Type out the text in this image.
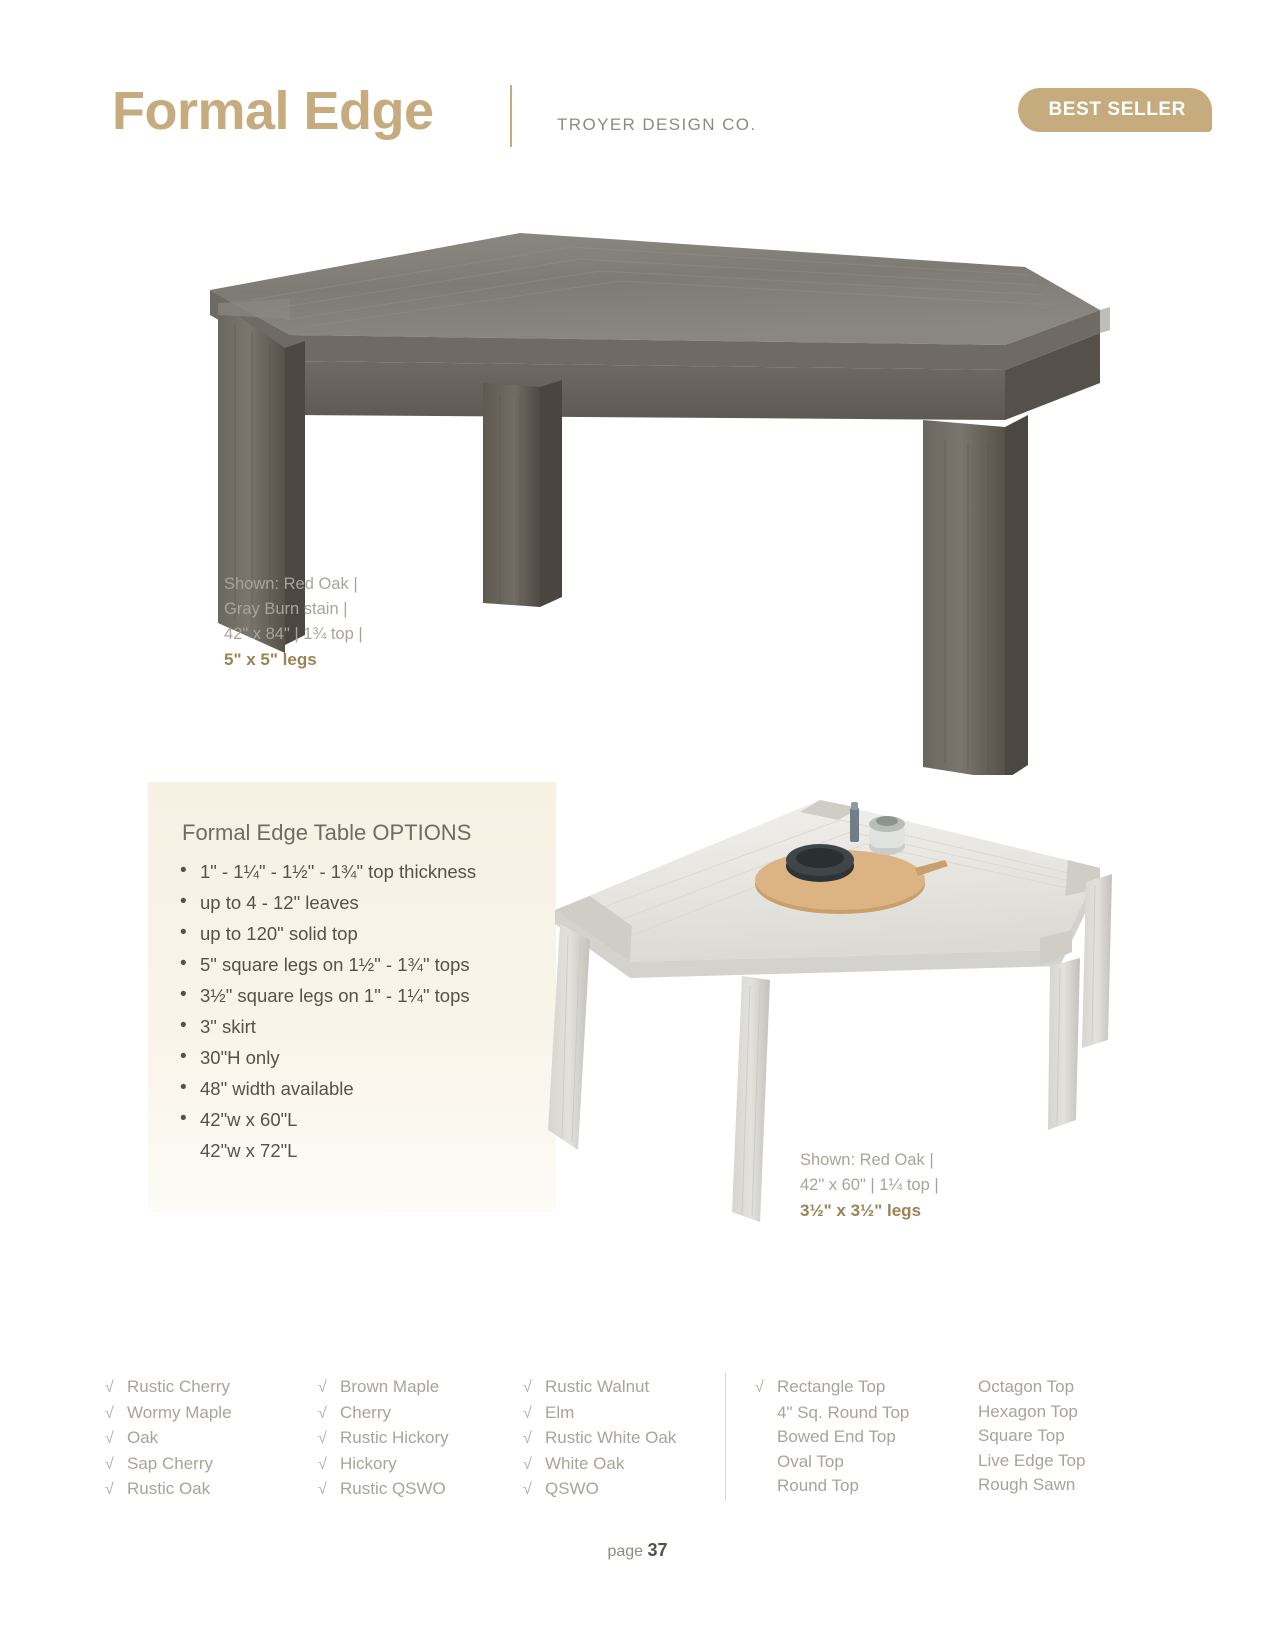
Formal Edge	TROYER DESIGN CO.
BEST SELLER
Shown: Red Oak |
Gray Burn stain |
42" x 84" | 1¾ top |
5" x 5" legs
Formal Edge Table OPTIONS
• 1" - 1¼" - 1½" - 1¾" top thickness
• up to 4 - 12" leaves
• up to 120" solid top
• 5" square legs on 1½" - 1¾" tops
• 3½" square legs on 1" - 1¼" tops
• 3" skirt
• 30"H only
• 48" width available
• 42"w x 60"L
42"w x 72"L	Shown: Red Oak |
42" x 60" | 1¼ top |
3½" x 3½" legs
√ Rustic Cherry
√ Wormy Maple
√ Oak
√ Sap Cherry
√ Rustic Oak
√ Brown Maple
√ Cherry
√ Rustic Hickory
√ Hickory
√ Rustic QSWO
√ Rustic Walnut
√ Elm
√ Rustic White Oak
√ White Oak
√ QSWO
√ Rectangle Top
4" Sq. Round Top
Bowed End Top
Oval Top
Round Top
Octagon Top
Hexagon Top
Square Top
Live Edge Top
Rough Sawn
page 37
